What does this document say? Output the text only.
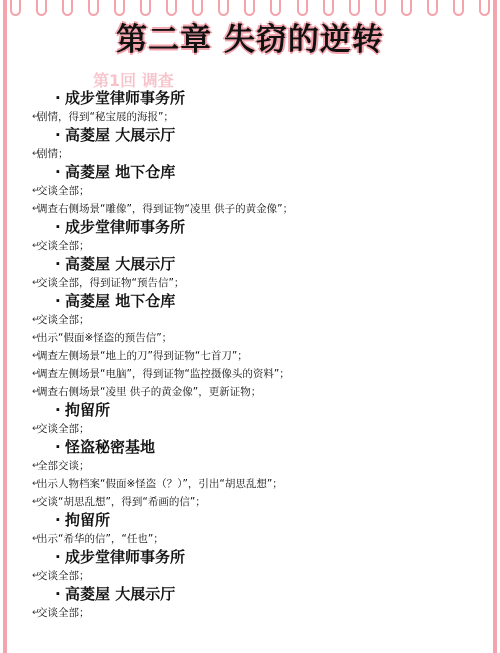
第二章 失窃的逆转
第1回 调查
· 成步堂律师事务所
↵ 剧情，得到“秘宝展的海报”；
· 高菱屋 大展示厅
↵ 剧情；
· 高菱屋 地下仓库
↵ 交谈全部；
↵ 调查右侧场景“雕像”，得到证物“凌里 供子的黄金像”；
· 成步堂律师事务所
↵ 交谈全部；
· 高菱屋 大展示厅
↵ 交谈全部，得到证物“预告信”；
· 高菱屋 地下仓库
↵ 交谈全部；
↵ 出示“假面※怪盗的预告信”；
↵ 调查左侧场景“地上的刀”得到证物“七首刀”；
↵ 调查左侧场景“电脑”，得到证物“监控摄像头的资料”；
↵ 调查右侧场景“凌里 供子的黄金像”，更新证物；
· 拘留所
↵ 交谈全部；
· 怪盗秘密基地
↵ 全部交谈；
↵ 出示人物档案“假面※怪盗（？）”，引出“胡思乱想”；
↵ 交谈“胡思乱想”，得到“希画的信”；
· 拘留所
↵ 出示“希华的信”，“任也”；
· 成步堂律师事务所
↵ 交谈全部；
· 高菱屋 大展示厅
↵ 交谈全部；
